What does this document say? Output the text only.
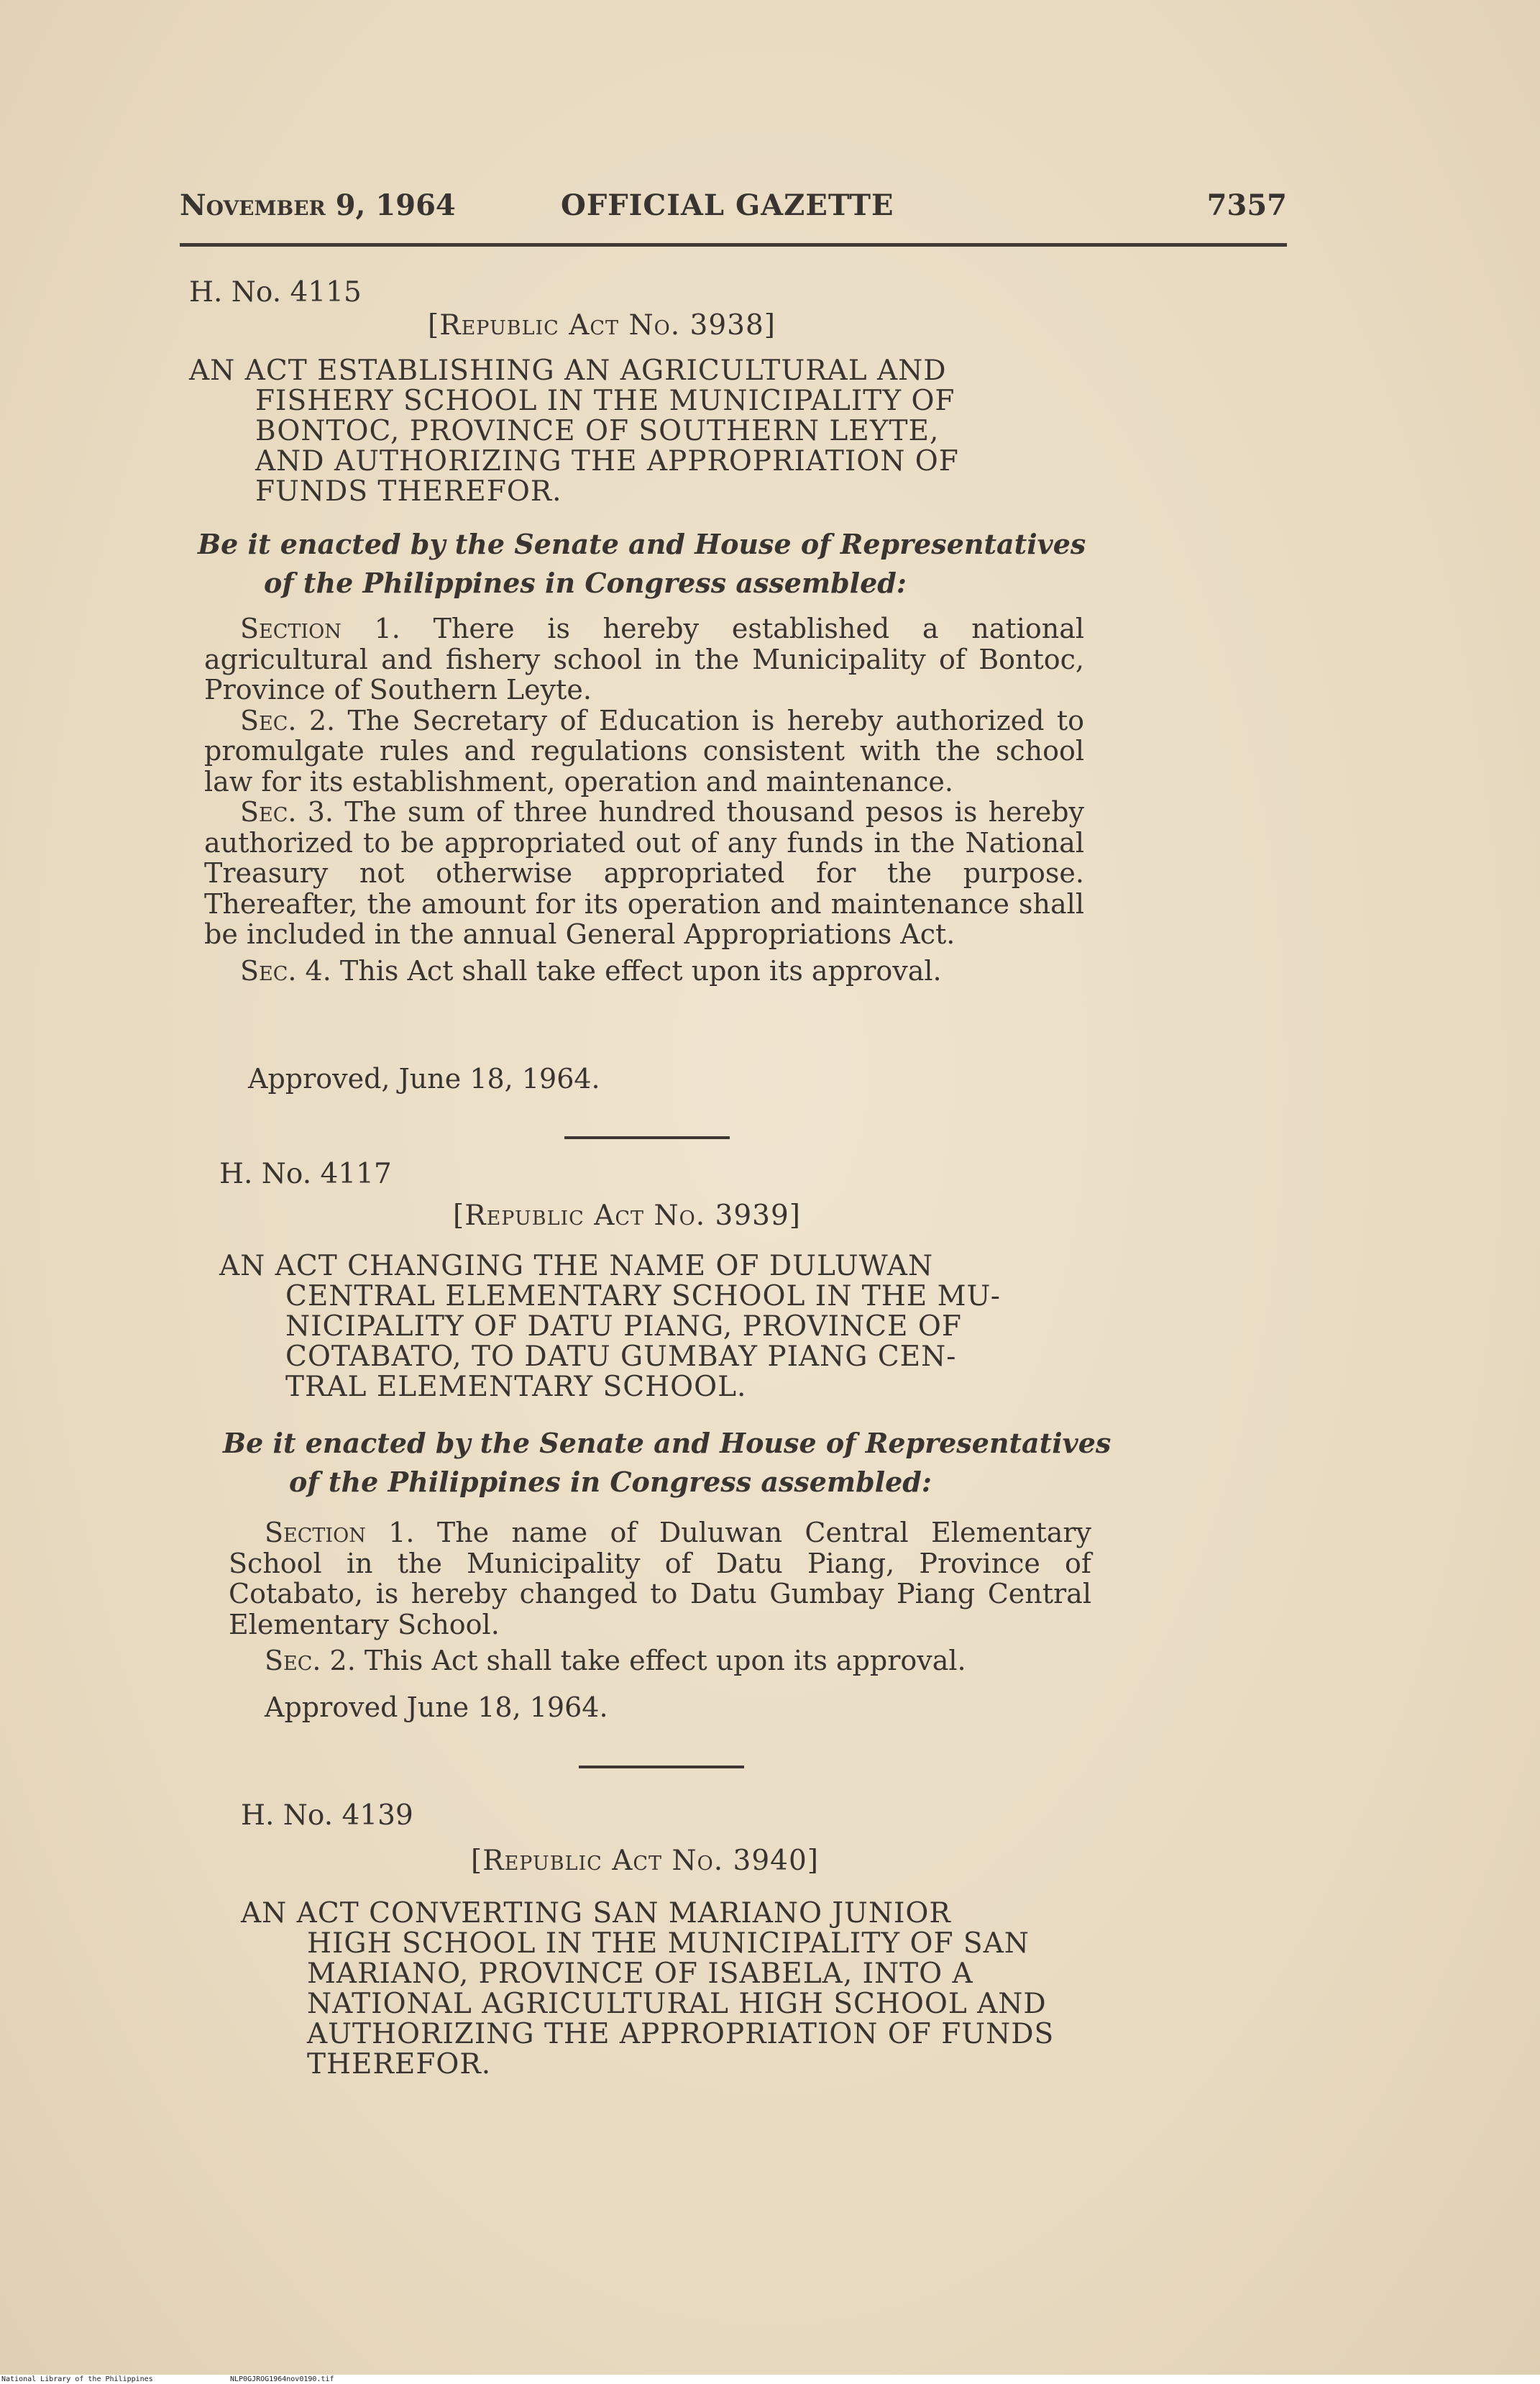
November 9, 1964	OFFICIAL GAZETTE	7357
H. No. 4115
[Republic Act No. 3938]
AN ACT ESTABLISHING AN AGRICULTURAL AND
FISHERY SCHOOL IN THE MUNICIPALITY OF
BONTOC, PROVINCE OF SOUTHERN LEYTE,
AND AUTHORIZING THE APPROPRIATION OF
FUNDS THEREFOR.
Be it enacted by the Senate and House of Representatives
of the Philippines in Congress assembled:

Section 1. There is hereby established a national agricultural and fishery school in the Municipality of Bontoc, Province of Southern Leyte.

Sec. 2. The Secretary of Education is hereby authorized to promulgate rules and regulations consistent with the school law for its establishment, operation and maintenance.

Sec. 3. The sum of three hundred thousand pesos is hereby authorized to be appropriated out of any funds in the National Treasury not otherwise appropriated for the purpose. Thereafter, the amount for its operation and maintenance shall be included in the annual General Appropriations Act.

Sec. 4. This Act shall take effect upon its approval.

Approved, June 18, 1964.
H. No. 4117
[Republic Act No. 3939]
AN ACT CHANGING THE NAME OF DULUWAN
CENTRAL ELEMENTARY SCHOOL IN THE MU-
NICIPALITY OF DATU PIANG, PROVINCE OF
COTABATO, TO DATU GUMBAY PIANG CEN-
TRAL ELEMENTARY SCHOOL.
Be it enacted by the Senate and House of Representatives
of the Philippines in Congress assembled:

Section 1. The name of Duluwan Central Elementary School in the Municipality of Datu Piang, Province of Cotabato, is hereby changed to Datu Gumbay Piang Central Elementary School.

Sec. 2. This Act shall take effect upon its approval.

Approved June 18, 1964.
H. No. 4139
[Republic Act No. 3940]
AN ACT CONVERTING SAN MARIANO JUNIOR
HIGH SCHOOL IN THE MUNICIPALITY OF SAN
MARIANO, PROVINCE OF ISABELA, INTO A
NATIONAL AGRICULTURAL HIGH SCHOOL AND
AUTHORIZING THE APPROPRIATION OF FUNDS
THEREFOR.
National Library of the Philippines	NLP0GJROG1964nov0190.tif
